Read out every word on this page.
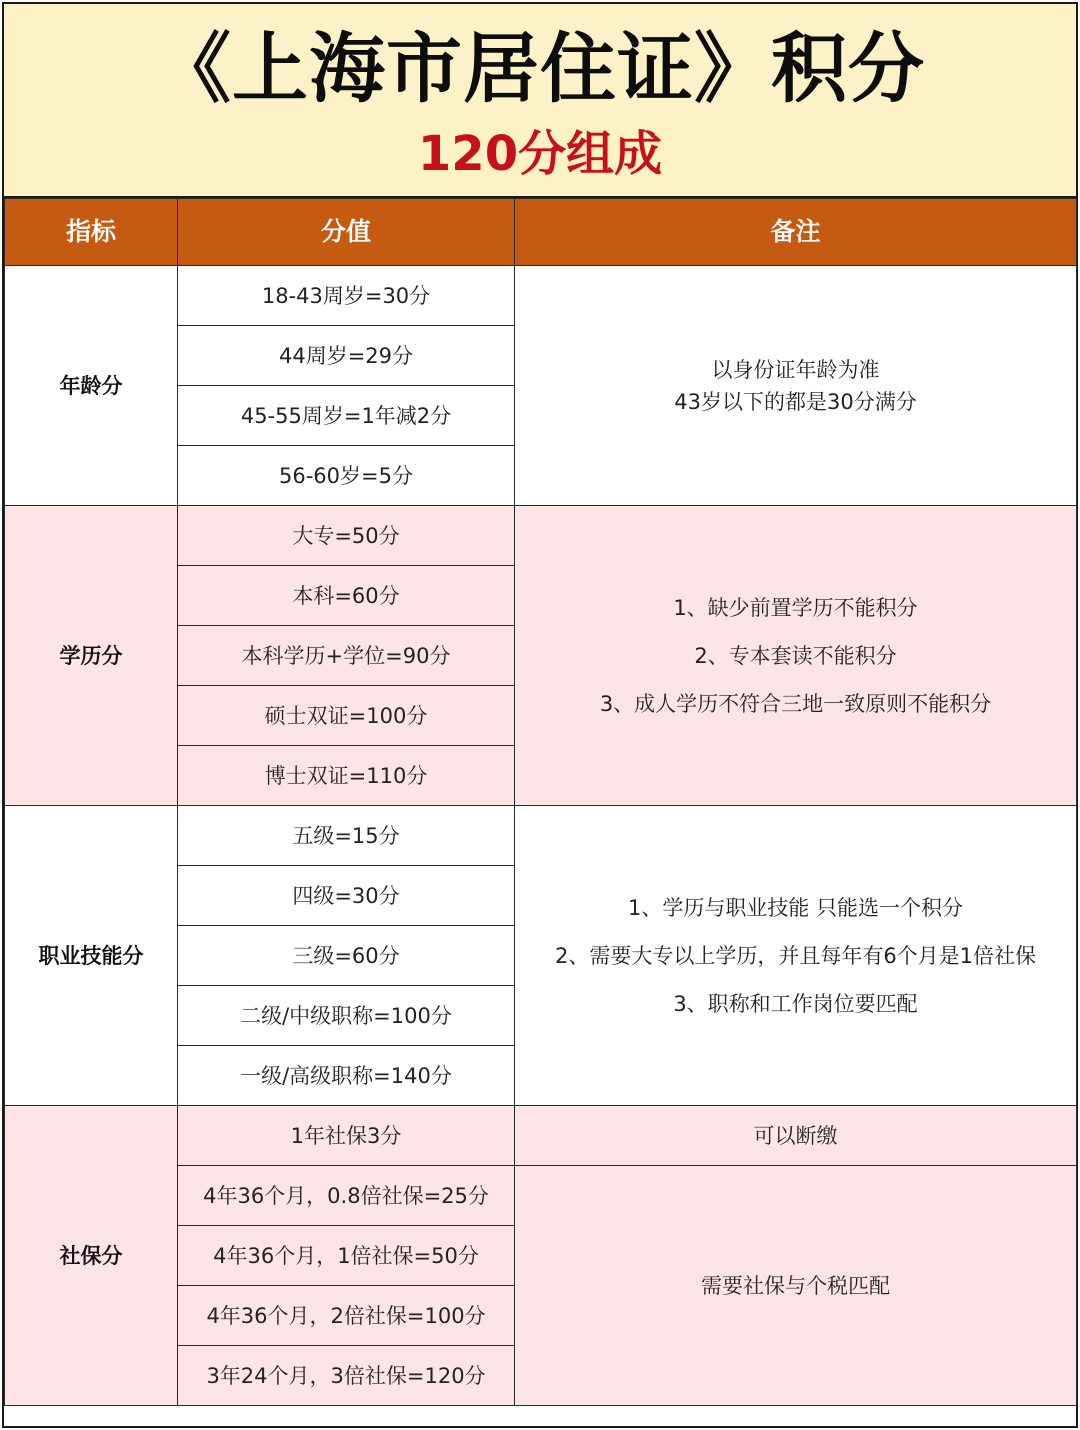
《上海市居住证》积分
120分组成
指标	分值	备注
年龄分	18-43周岁=30分	以身份证年龄为准
43岁以下的都是30分满分

	44周岁=29分	
	45-55周岁=1年减2分	
	56-60岁=5分	
学历分	大专=50分	1、缺少前置学历不能积分
2、专本套读不能积分
3、成人学历不符合三地一致原则不能积分

	本科=60分	
	本科学历+学位=90分	
	硕士双证=100分	
	博士双证=110分	
职业技能分	五级=15分	1、学历与职业技能 只能选一个积分
2、需要大专以上学历，并且每年有6个月是1倍社保
3、职称和工作岗位要匹配

	四级=30分	
	三级=60分	
	二级/中级职称=100分	
	一级/高级职称=140分	
社保分	1年社保3分	可以断缴
	4年36个月，0.8倍社保=25分	需要社保与个税匹配
	4年36个月，1倍社保=50分	
	4年36个月，2倍社保=100分	
	3年24个月，3倍社保=120分	
